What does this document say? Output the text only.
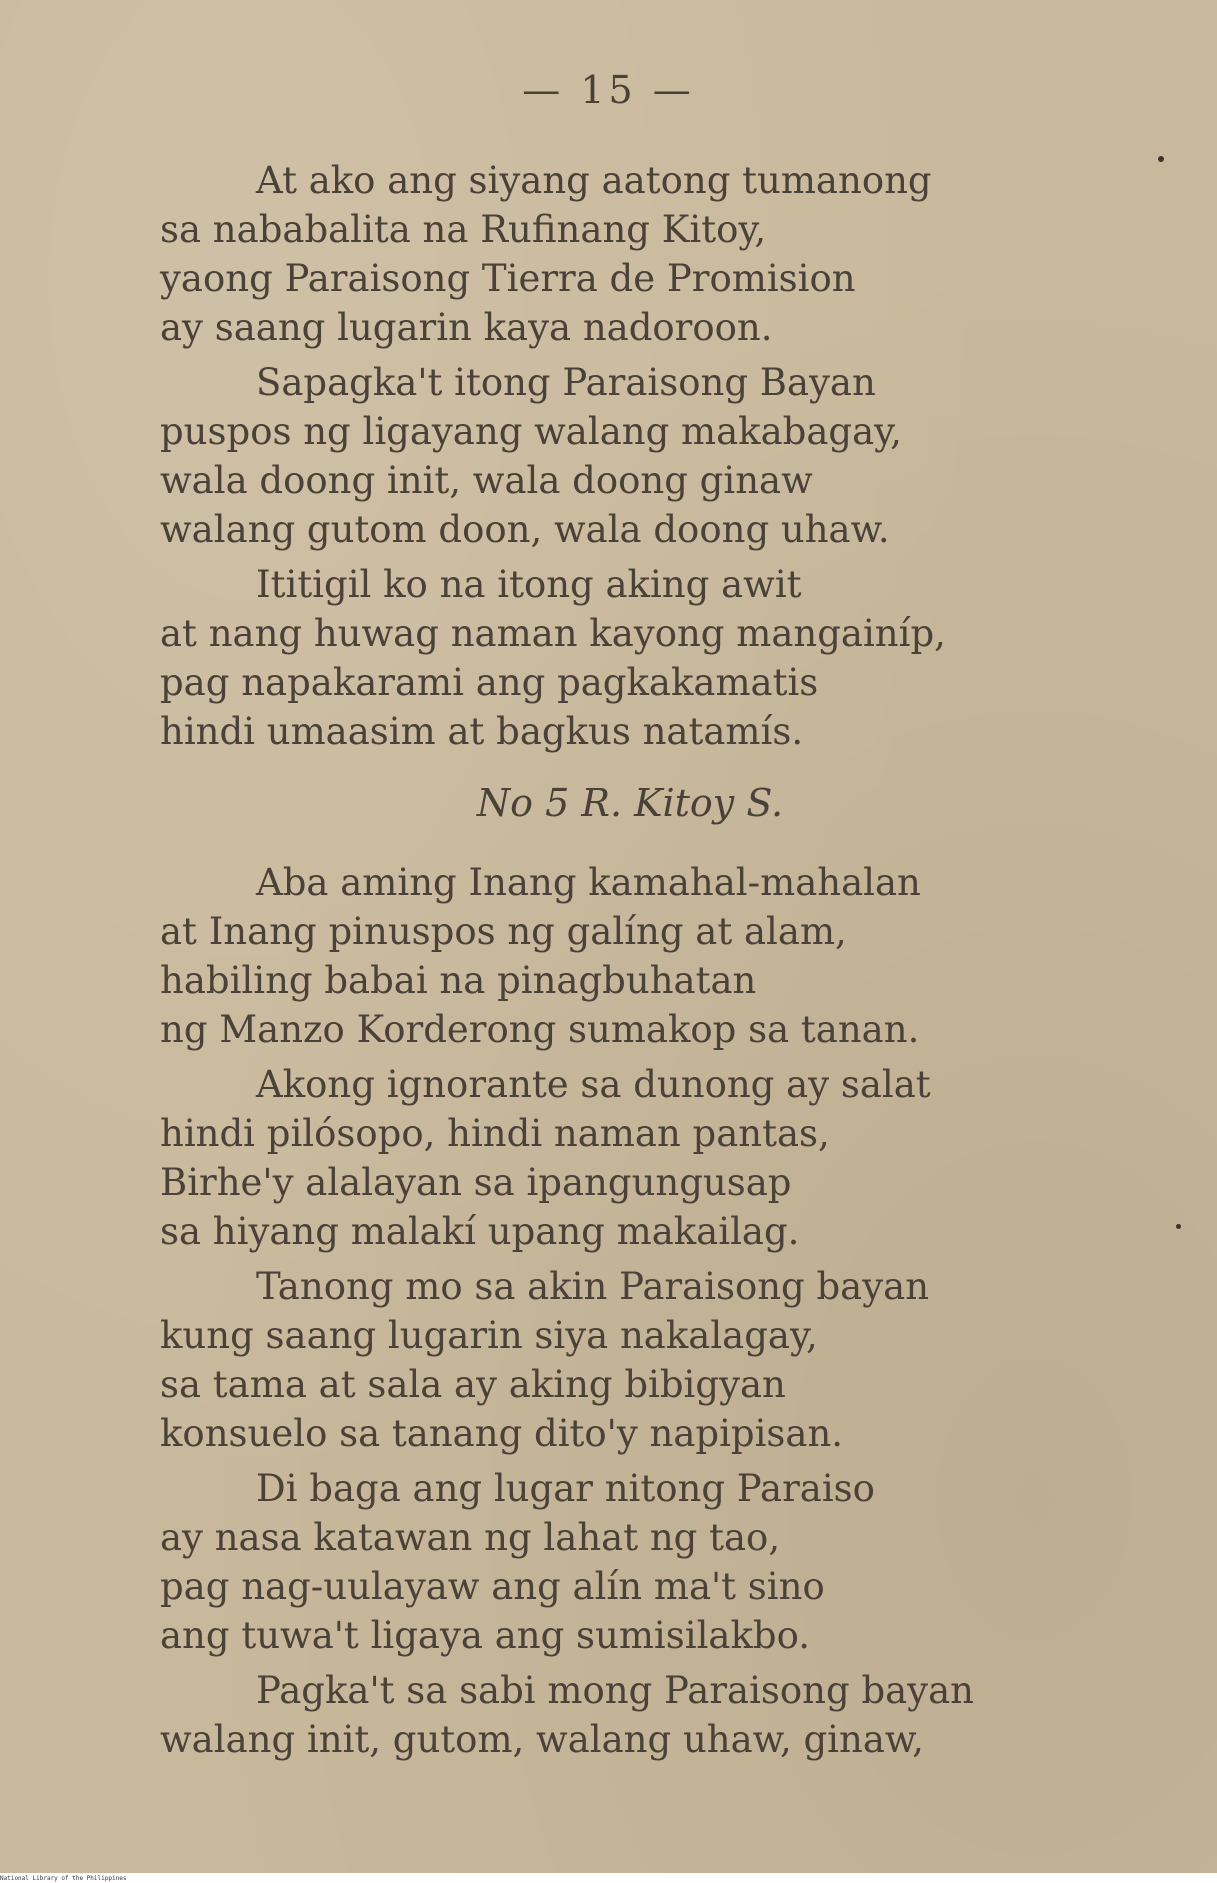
— 15 —
At ako ang siyang aatong tumanong
sa nababalita na Rufinang Kitoy,
yaong Paraisong Tierra de Promision
ay saang lugarin kaya nadoroon.
Sapagka't itong Paraisong Bayan
puspos ng ligayang walang makabagay,
wala doong init, wala doong ginaw
walang gutom doon, wala doong uhaw.
Ititigil ko na itong aking awit
at nang huwag naman kayong mangainíp,
pag napakarami ang pagkakamatis
hindi umaasim at bagkus natamís.
No 5 R. Kitoy S.
Aba aming Inang kamahal-mahalan
at Inang pinuspos ng galíng at alam,
habiling babai na pinagbuhatan
ng Manzo Korderong sumakop sa tanan.
Akong ignorante sa dunong ay salat
hindi pilósopo, hindi naman pantas,
Birhe'y alalayan sa ipangungusap
sa hiyang malakí upang makailag.
Tanong mo sa akin Paraisong bayan
kung saang lugarin siya nakalagay,
sa tama at sala ay aking bibigyan
konsuelo sa tanang dito'y napipisan.
Di baga ang lugar nitong Paraiso
ay nasa katawan ng lahat ng tao,
pag nag-uulayaw ang alín ma't sino
ang tuwa't ligaya ang sumisilakbo.
Pagka't sa sabi mong Paraisong bayan
walang init, gutom, walang uhaw, ginaw,
National Library of the Philippines
